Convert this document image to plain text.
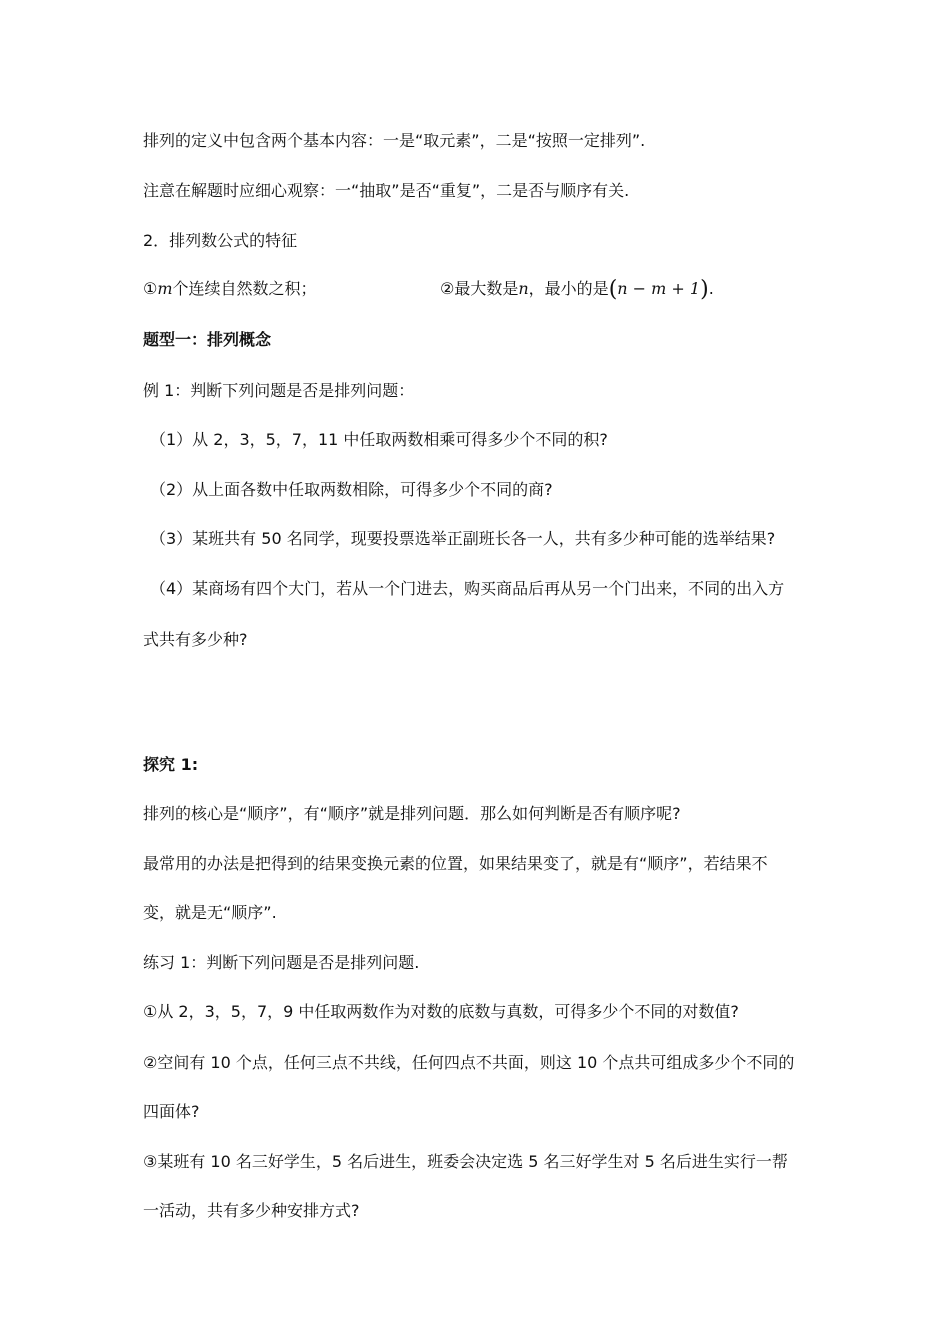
排列的定义中包含两个基本内容：一是“取元素”，二是“按照一定排列”.
注意在解题时应细心观察：一“抽取”是否“重复”，二是否与顺序有关.
2．排列数公式的特征
①m个连续自然数之积；	②最大数是n，最小的是(n − m + 1).
题型一：排列概念
例 1：判断下列问题是否是排列问题：
（1）从 2，3，5，7，11 中任取两数相乘可得多少个不同的积?
（2）从上面各数中任取两数相除，可得多少个不同的商?
（3）某班共有 50 名同学，现要投票选举正副班长各一人，共有多少种可能的选举结果?
（4）某商场有四个大门，若从一个门进去，购买商品后再从另一个门出来，不同的出入方
式共有多少种?
探究 1:
排列的核心是“顺序”，有“顺序”就是排列问题．那么如何判断是否有顺序呢?
最常用的办法是把得到的结果变换元素的位置，如果结果变了，就是有“顺序”，若结果不
变，就是无“顺序”.
练习 1：判断下列问题是否是排列问题.
①从 2，3，5，7，9 中任取两数作为对数的底数与真数，可得多少个不同的对数值?
②空间有 10 个点，任何三点不共线，任何四点不共面，则这 10 个点共可组成多少个不同的
四面体?
③某班有 10 名三好学生，5 名后进生，班委会决定选 5 名三好学生对 5 名后进生实行一帮
一活动，共有多少种安排方式?
